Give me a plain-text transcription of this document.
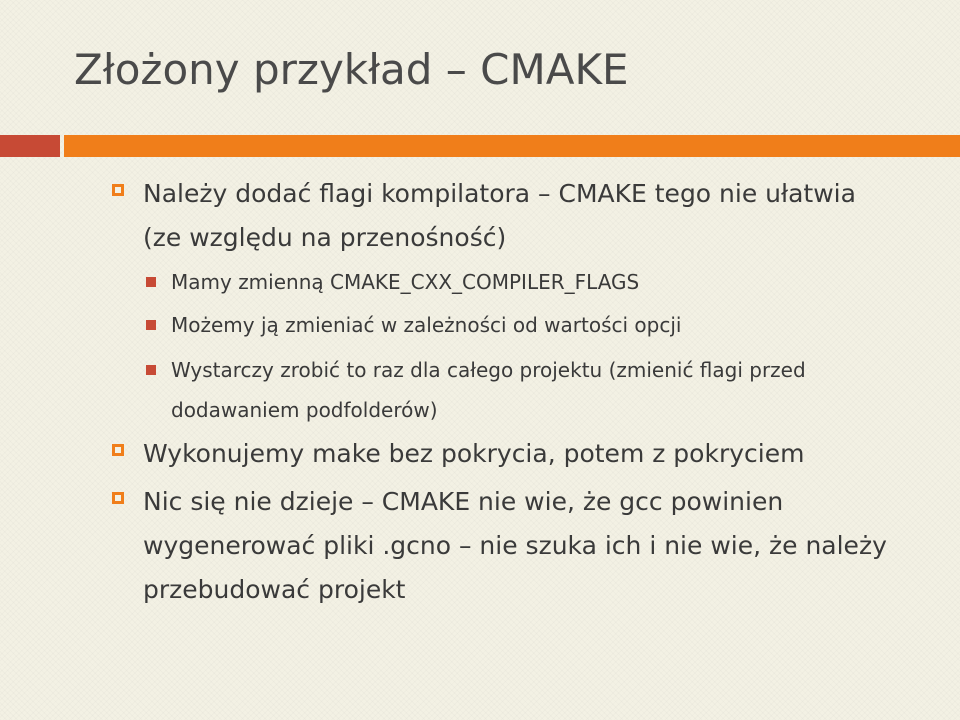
Złożony przykład – CMAKE
Należy dodać flagi kompilatora – CMAKE tego nie ułatwia (ze względu na przenośność)
Mamy zmienną CMAKE_CXX_COMPILER_FLAGS
Możemy ją zmieniać w zależności od wartości opcji
Wystarczy zrobić to raz dla całego projektu (zmienić flagi przed dodawaniem podfolderów)
Wykonujemy make bez pokrycia, potem z pokryciem
Nic się nie dzieje – CMAKE nie wie, że gcc powinien wygenerować pliki .gcno – nie szuka ich i nie wie, że należy przebudować projekt
